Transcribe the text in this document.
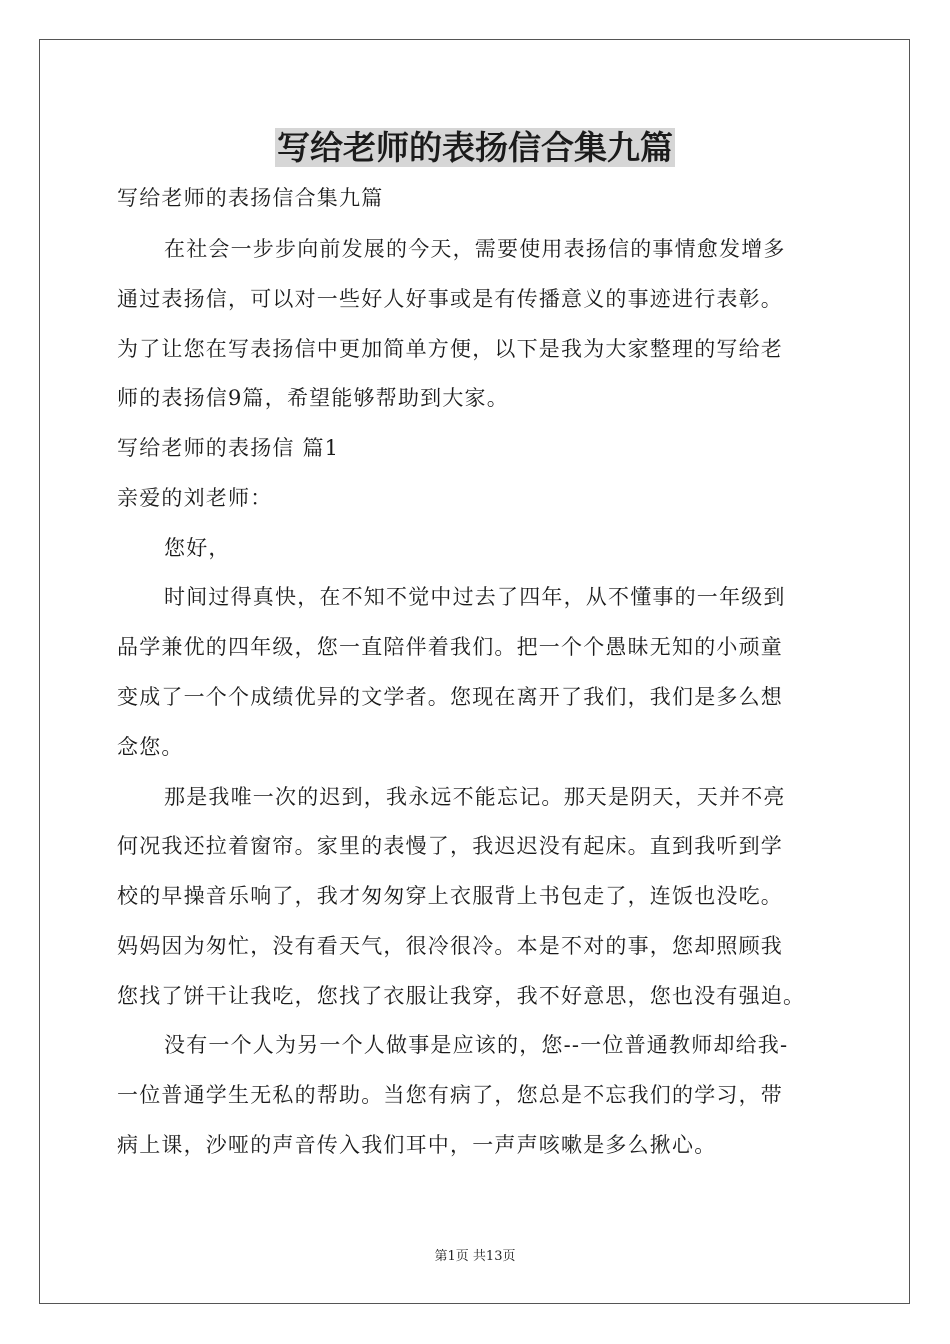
写给老师的表扬信合集九篇
写给老师的表扬信合集九篇
在社会一步步向前发展的今天，需要使用表扬信的事情愈发增多
通过表扬信，可以对一些好人好事或是有传播意义的事迹进行表彰。
为了让您在写表扬信中更加简单方便，以下是我为大家整理的写给老
师的表扬信9篇，希望能够帮助到大家。
写给老师的表扬信 篇1
亲爱的刘老师：
您好，
时间过得真快，在不知不觉中过去了四年，从不懂事的一年级到
品学兼优的四年级，您一直陪伴着我们。把一个个愚昧无知的小顽童
变成了一个个成绩优异的文学者。您现在离开了我们，我们是多么想
念您。
那是我唯一次的迟到，我永远不能忘记。那天是阴天，天并不亮
何况我还拉着窗帘。家里的表慢了，我迟迟没有起床。直到我听到学
校的早操音乐响了，我才匆匆穿上衣服背上书包走了，连饭也没吃。
妈妈因为匆忙，没有看天气，很冷很冷。本是不对的事，您却照顾我
您找了饼干让我吃，您找了衣服让我穿，我不好意思，您也没有强迫。
没有一个人为另一个人做事是应该的，您--一位普通教师却给我-
一位普通学生无私的帮助。当您有病了，您总是不忘我们的学习，带
病上课，沙哑的声音传入我们耳中，一声声咳嗽是多么揪心。
第1页 共13页
